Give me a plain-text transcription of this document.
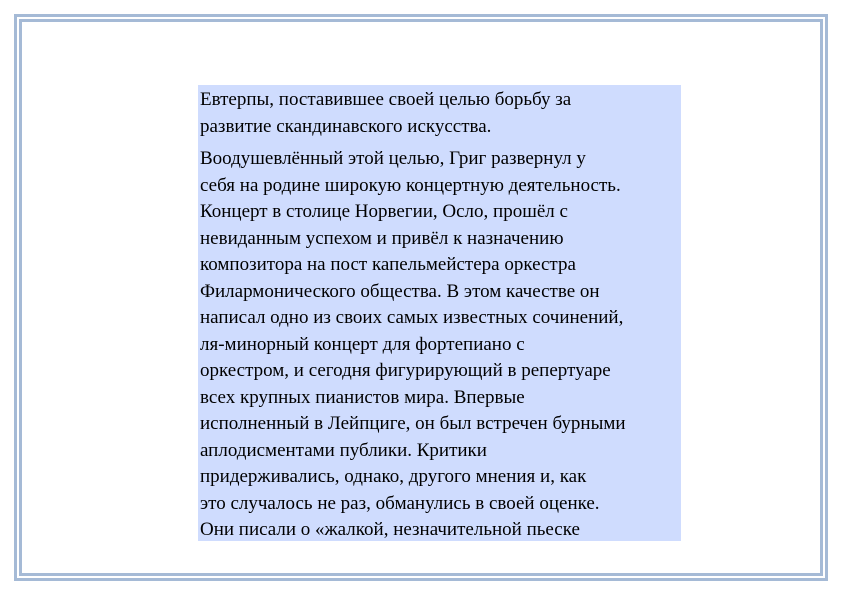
Евтерпы, поставившее своей целью борьбу за
развитие скандинавского искусства.

Воодушевлённый этой целью, Григ развернул у
себя на родине широкую концертную деятельность.
Концерт в столице Норвегии, Осло, прошёл с
невиданным успехом и привёл к назначению
композитора на пост капельмейстера оркестра
Филармонического общества. В этом качестве он
написал одно из своих самых известных сочинений,
ля-минорный концерт для фортепиано с
оркестром, и сегодня фигурирующий в репертуаре
всех крупных пианистов мира. Впервые
исполненный в Лейпциге, он был встречен бурными
аплодисментами публики. Критики
придерживались, однако, другого мнения и, как
это случалось не раз, обманулись в своей оценке.
Они писали о «жалкой, незначительной пьеске
